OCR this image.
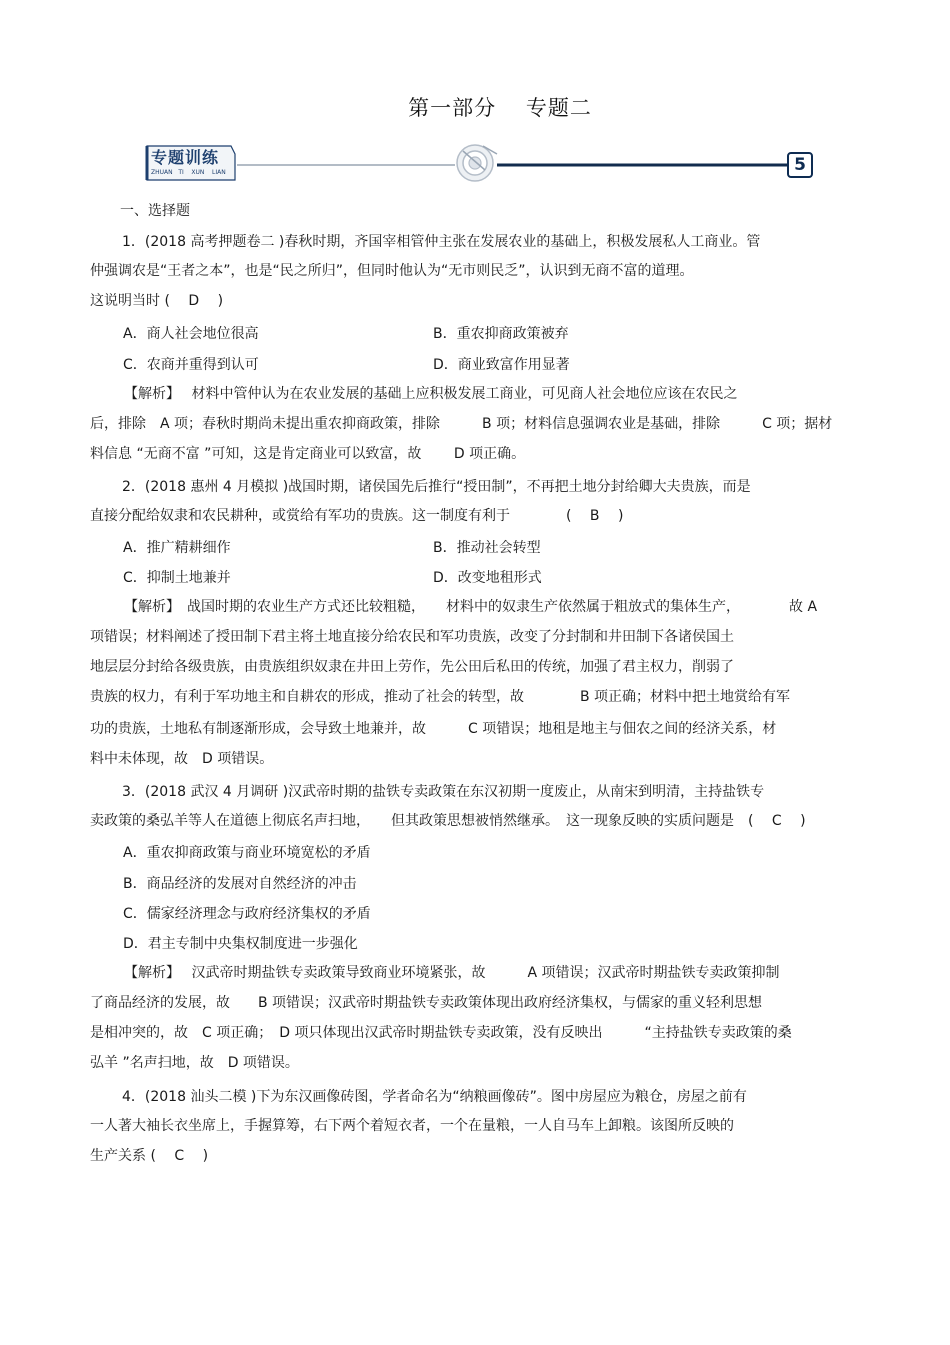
第一部分　 专题二
专题训练
ZHUAN   TI    XUN    LIAN	5
一、选择题
1．(2018 高考押题卷二 )春秋时期，齐国宰相管仲主张在发展农业的基础上，积极发展私人工商业。管
仲强调农是“王者之本”，也是“民之所归”，但同时他认为“无市则民乏”，认识到无商不富的道理。
这说明当时 (　 D　 )
A．商人社会地位很高	B．重农抑商政策被弃
C．农商并重得到认可	D．商业致富作用显著
【解析】　 材料中管仲认为在农业发展的基础上应积极发展工商业，可见商人社会地位应该在农民之
后，排除　A 项；春秋时期尚未提出重农抑商政策，排除　　　B 项；材料信息强调农业是基础，排除　　　C 项；据材
料信息 “无商不富 ”可知，这是肯定商业可以致富，故　　 D 项正确。
2．(2018 惠州 4 月模拟 )战国时期，诸侯国先后推行“授田制”，不再把土地分封给卿大夫贵族，而是
直接分配给奴隶和农民耕种，或赏给有军功的贵族。这一制度有利于　　　　(　 B　 )
A．推广精耕细作	B．推动社会转型
C．抑制土地兼并	D．改变地租形式
【解析】　战国时期的农业生产方式还比较粗糙，　　材料中的奴隶生产依然属于粗放式的集体生产，　　　　故 A
项错误；材料阐述了授田制下君主将土地直接分给农民和军功贵族，改变了分封制和井田制下各诸侯国土
地层层分封给各级贵族，由贵族组织奴隶在井田上劳作，先公田后私田的传统，加强了君主权力，削弱了
贵族的权力，有利于军功地主和自耕农的形成，推动了社会的转型，故　　　　B 项正确；材料中把土地赏给有军
功的贵族，土地私有制逐渐形成，会导致土地兼并，故　　　C 项错误；地租是地主与佃农之间的经济关系，材
料中未体现，故　D 项错误。
3．(2018 武汉 4 月调研 )汉武帝时期的盐铁专卖政策在东汉初期一度废止，从南宋到明清，主持盐铁专
卖政策的桑弘羊等人在道德上彻底名声扫地，　　但其政策思想被悄然继承。　这一现象反映的实质问题是　(　 C　 )
A．重农抑商政策与商业环境宽松的矛盾
B．商品经济的发展对自然经济的冲击
C．儒家经济理念与政府经济集权的矛盾
D．君主专制中央集权制度进一步强化
【解析】　 汉武帝时期盐铁专卖政策导致商业环境紧张，故　　　A 项错误；汉武帝时期盐铁专卖政策抑制
了商品经济的发展，故　　B 项错误；汉武帝时期盐铁专卖政策体现出政府经济集权，与儒家的重义轻利思想
是相冲突的，故　C 项正确；　D 项只体现出汉武帝时期盐铁专卖政策，没有反映出　　　“主持盐铁专卖政策的桑
弘羊 ”名声扫地，故　D 项错误。
4．(2018 汕头二模 )下为东汉画像砖图，学者命名为“纳粮画像砖”。图中房屋应为粮仓，房屋之前有
一人著大袖长衣坐席上，手握算筹，右下两个着短衣者，一个在量粮，一人自马车上卸粮。该图所反映的
生产关系 (　 C　 )
